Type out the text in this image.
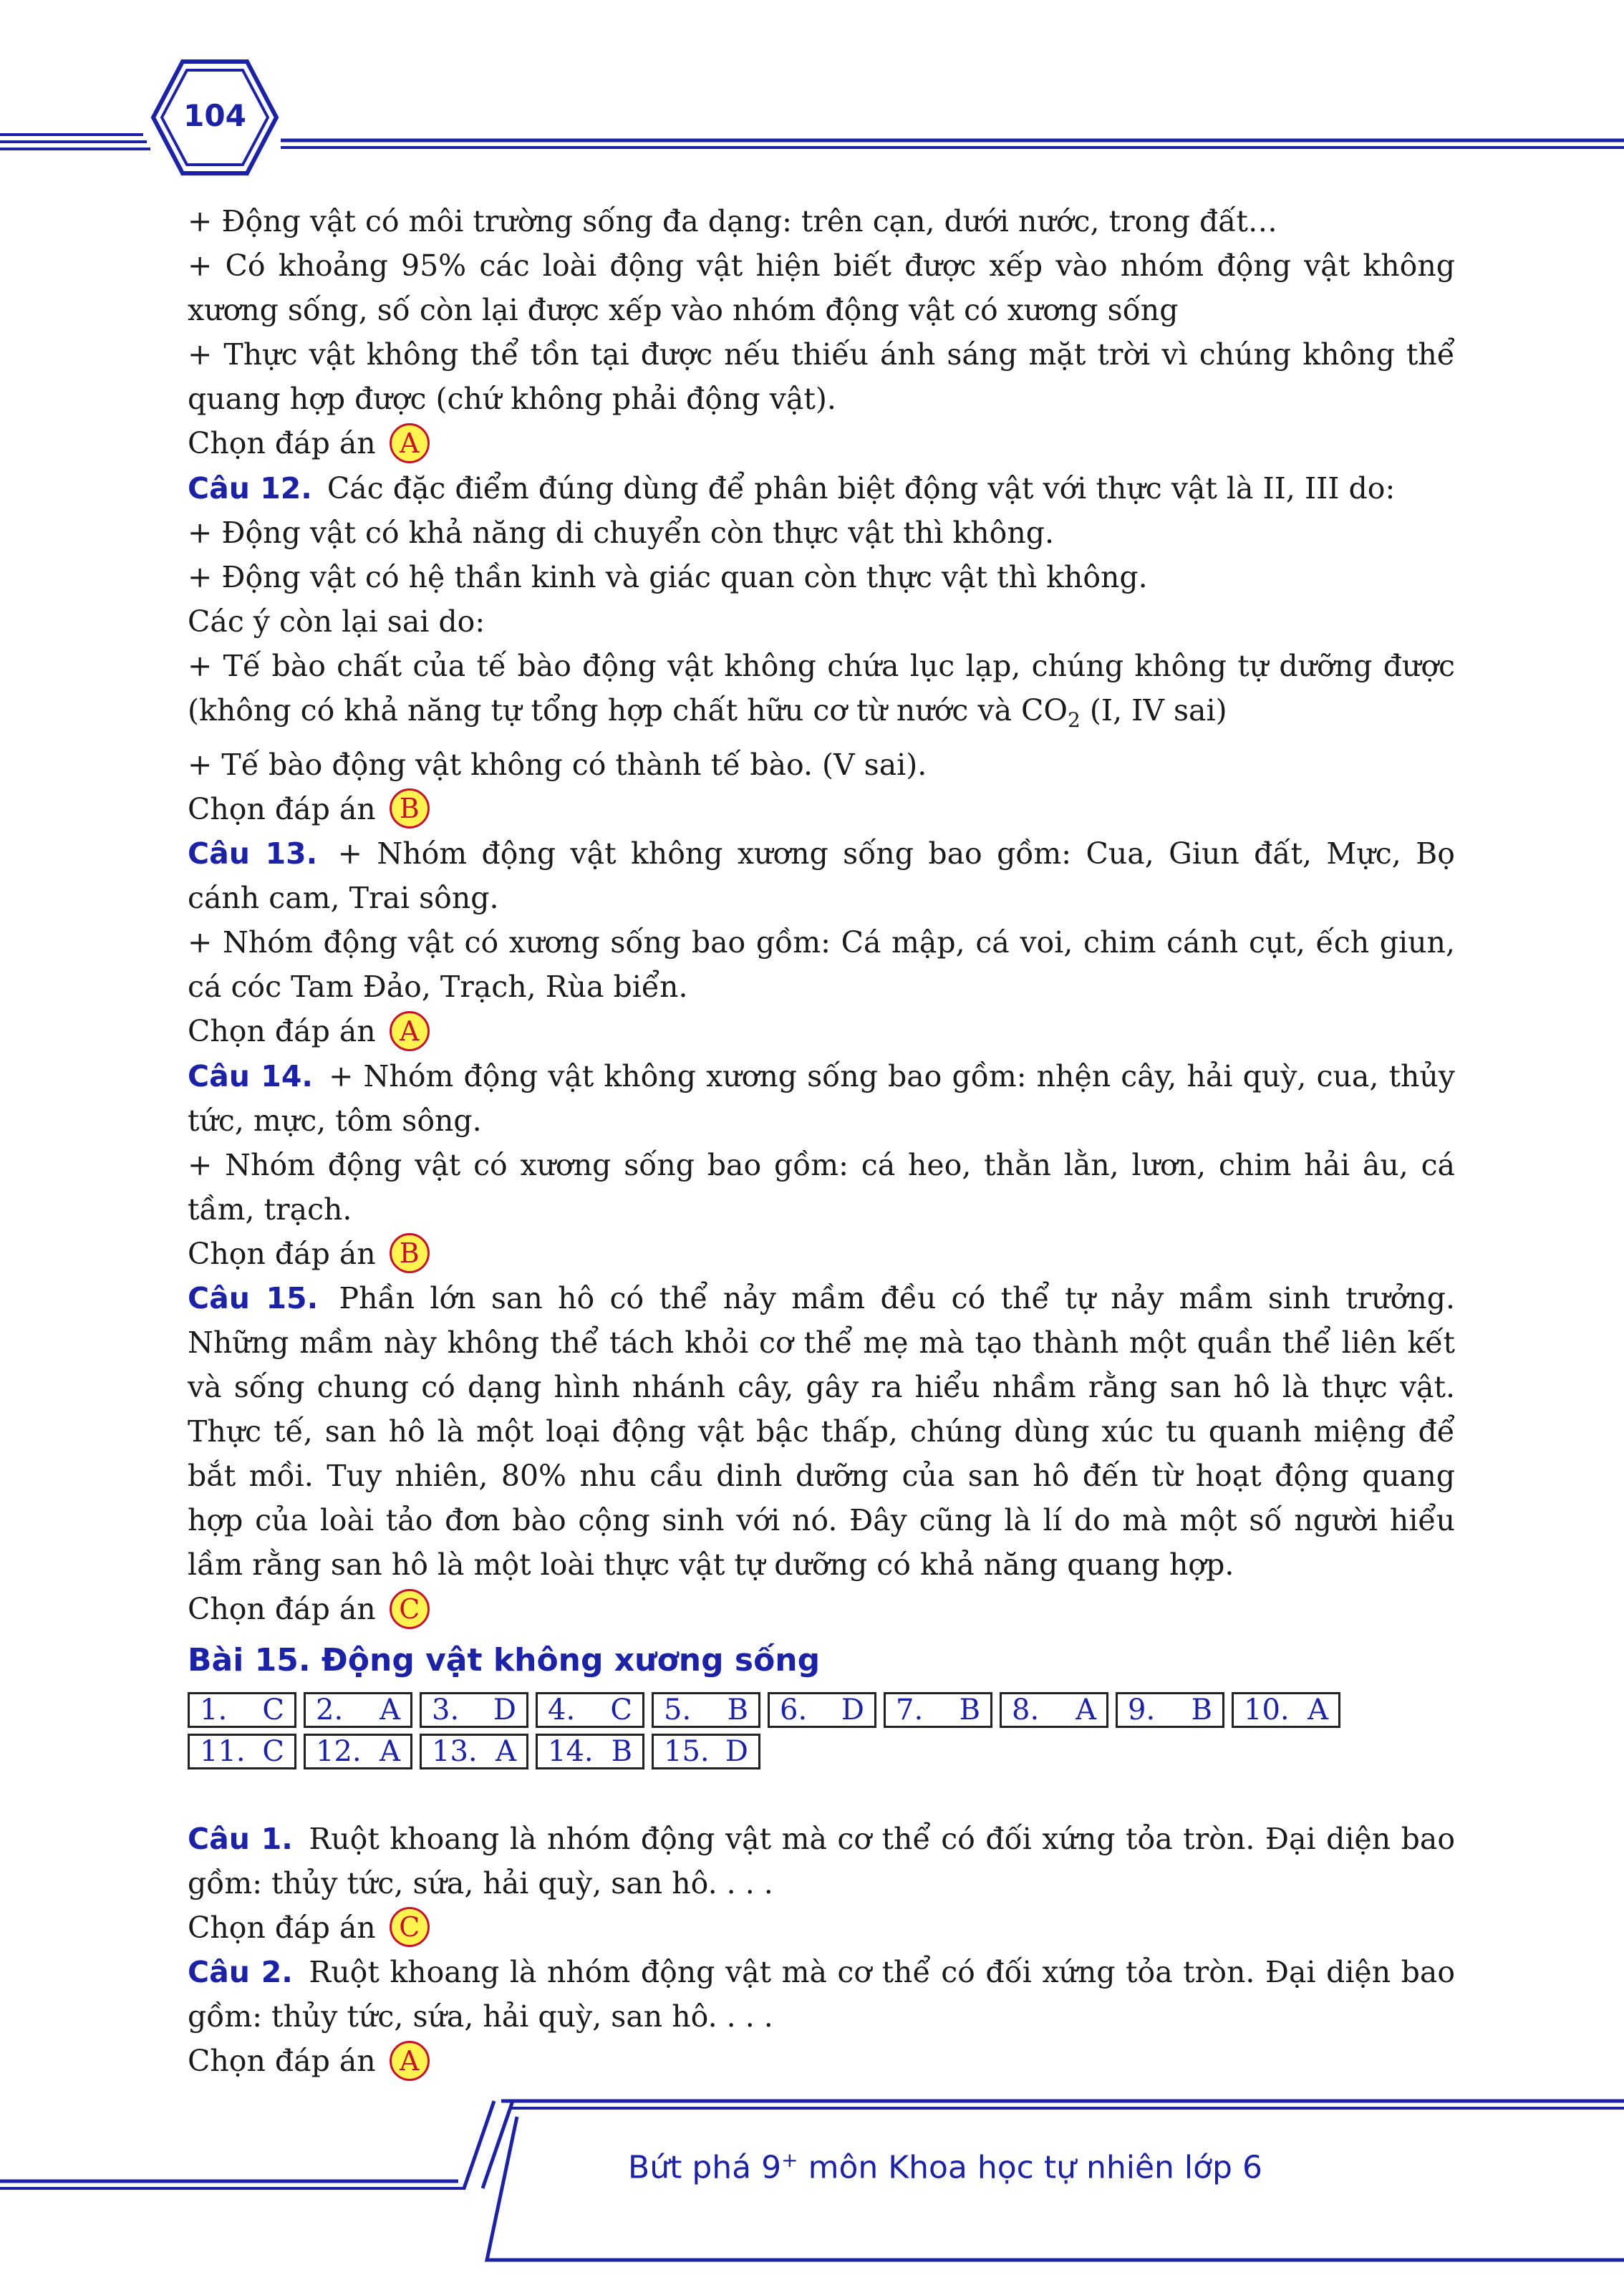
104

+ Động vật có môi trường sống đa dạng: trên cạn, dưới nước, trong đất…

+ Có khoảng 95% các loài động vật hiện biết được xếp vào nhóm động vật không xương sống, số còn lại được xếp vào nhóm động vật có xương sống

+ Thực vật không thể tồn tại được nếu thiếu ánh sáng mặt trời vì chúng không thể quang hợp được (chứ không phải động vật).

Chọn đáp án A

Câu 12. Các đặc điểm đúng dùng để phân biệt động vật với thực vật là II, III do:

+ Động vật có khả năng di chuyển còn thực vật thì không.

+ Động vật có hệ thần kinh và giác quan còn thực vật thì không.

Các ý còn lại sai do:

+ Tế bào chất của tế bào động vật không chứa lục lạp, chúng không tự dưỡng được (không có khả năng tự tổng hợp chất hữu cơ từ nước và $CO_2$ (I, IV sai)

+ Tế bào động vật không có thành tế bào. (V sai).

Chọn đáp án B

Câu 13. + Nhóm động vật không xương sống bao gồm: Cua, Giun đất, Mực, Bọ cánh cam, Trai sông.

+ Nhóm động vật có xương sống bao gồm: Cá mập, cá voi, chim cánh cụt, ếch giun, cá cóc Tam Đảo, Trạch, Rùa biển.

Chọn đáp án A

Câu 14. + Nhóm động vật không xương sống bao gồm: nhện cây, hải quỳ, cua, thủy tức, mực, tôm sông.

+ Nhóm động vật có xương sống bao gồm: cá heo, thằn lằn, lươn, chim hải âu, cá tầm, trạch.

Chọn đáp án B

Câu 15. Phần lớn san hô có thể nảy mầm đều có thể tự nảy mầm sinh trưởng. Những mầm này không thể tách khỏi cơ thể mẹ mà tạo thành một quần thể liên kết và sống chung có dạng hình nhánh cây, gây ra hiểu nhầm rằng san hô là thực vật. Thực tế, san hô là một loại động vật bậc thấp, chúng dùng xúc tu quanh miệng để bắt mồi. Tuy nhiên, 80% nhu cầu dinh dưỡng của san hô đến từ hoạt động quang hợp của loài tảo đơn bào cộng sinh với nó. Đây cũng là lí do mà một số người hiểu lầm rằng san hô là một loài thực vật tự dưỡng có khả năng quang hợp.

Chọn đáp án C

Bài 15. Động vật không xương sống
1. C 2. A 3. D 4. C 5. B 6. D 7. B 8. A 9. B 10. A
11. C 12. A 13. A 14. B 15. D

Câu 1. Ruột khoang là nhóm động vật mà cơ thể có đối xứng tỏa tròn. Đại diện bao gồm: thủy tức, sứa, hải quỳ, san hô. . . .

Chọn đáp án C

Câu 2. Ruột khoang là nhóm động vật mà cơ thể có đối xứng tỏa tròn. Đại diện bao gồm: thủy tức, sứa, hải quỳ, san hô. . . .

Chọn đáp án A

Bứt phá 9+ môn Khoa học tự nhiên lớp 6
